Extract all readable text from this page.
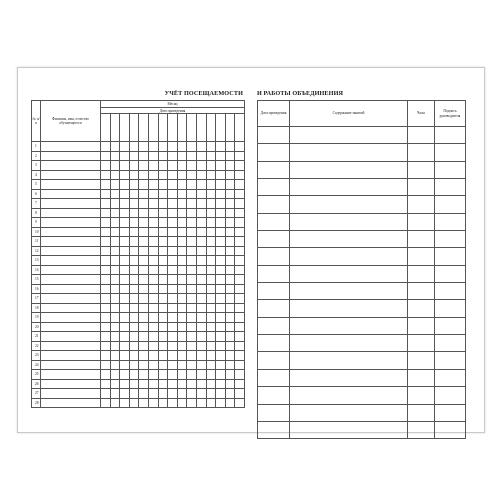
УЧЁТ ПОСЕЩАЕМОСТИ И РАБОТЫ ОБЪЕДИНЕНИЯ
№ п/п	Фамилия, имя, отчество обучающегося	Месяц														
		Дата проведения														

1																
2																
3																
4																
5																
6																
7																
8																
9																
10																
11																
12																
13																
14																
15																
16																
17																
18																
19																
20																
21																
22																
23																
24																
25																
26																
27																
28																
Дата проведения	Содержание занятий	Часы	Подпись руководителя
